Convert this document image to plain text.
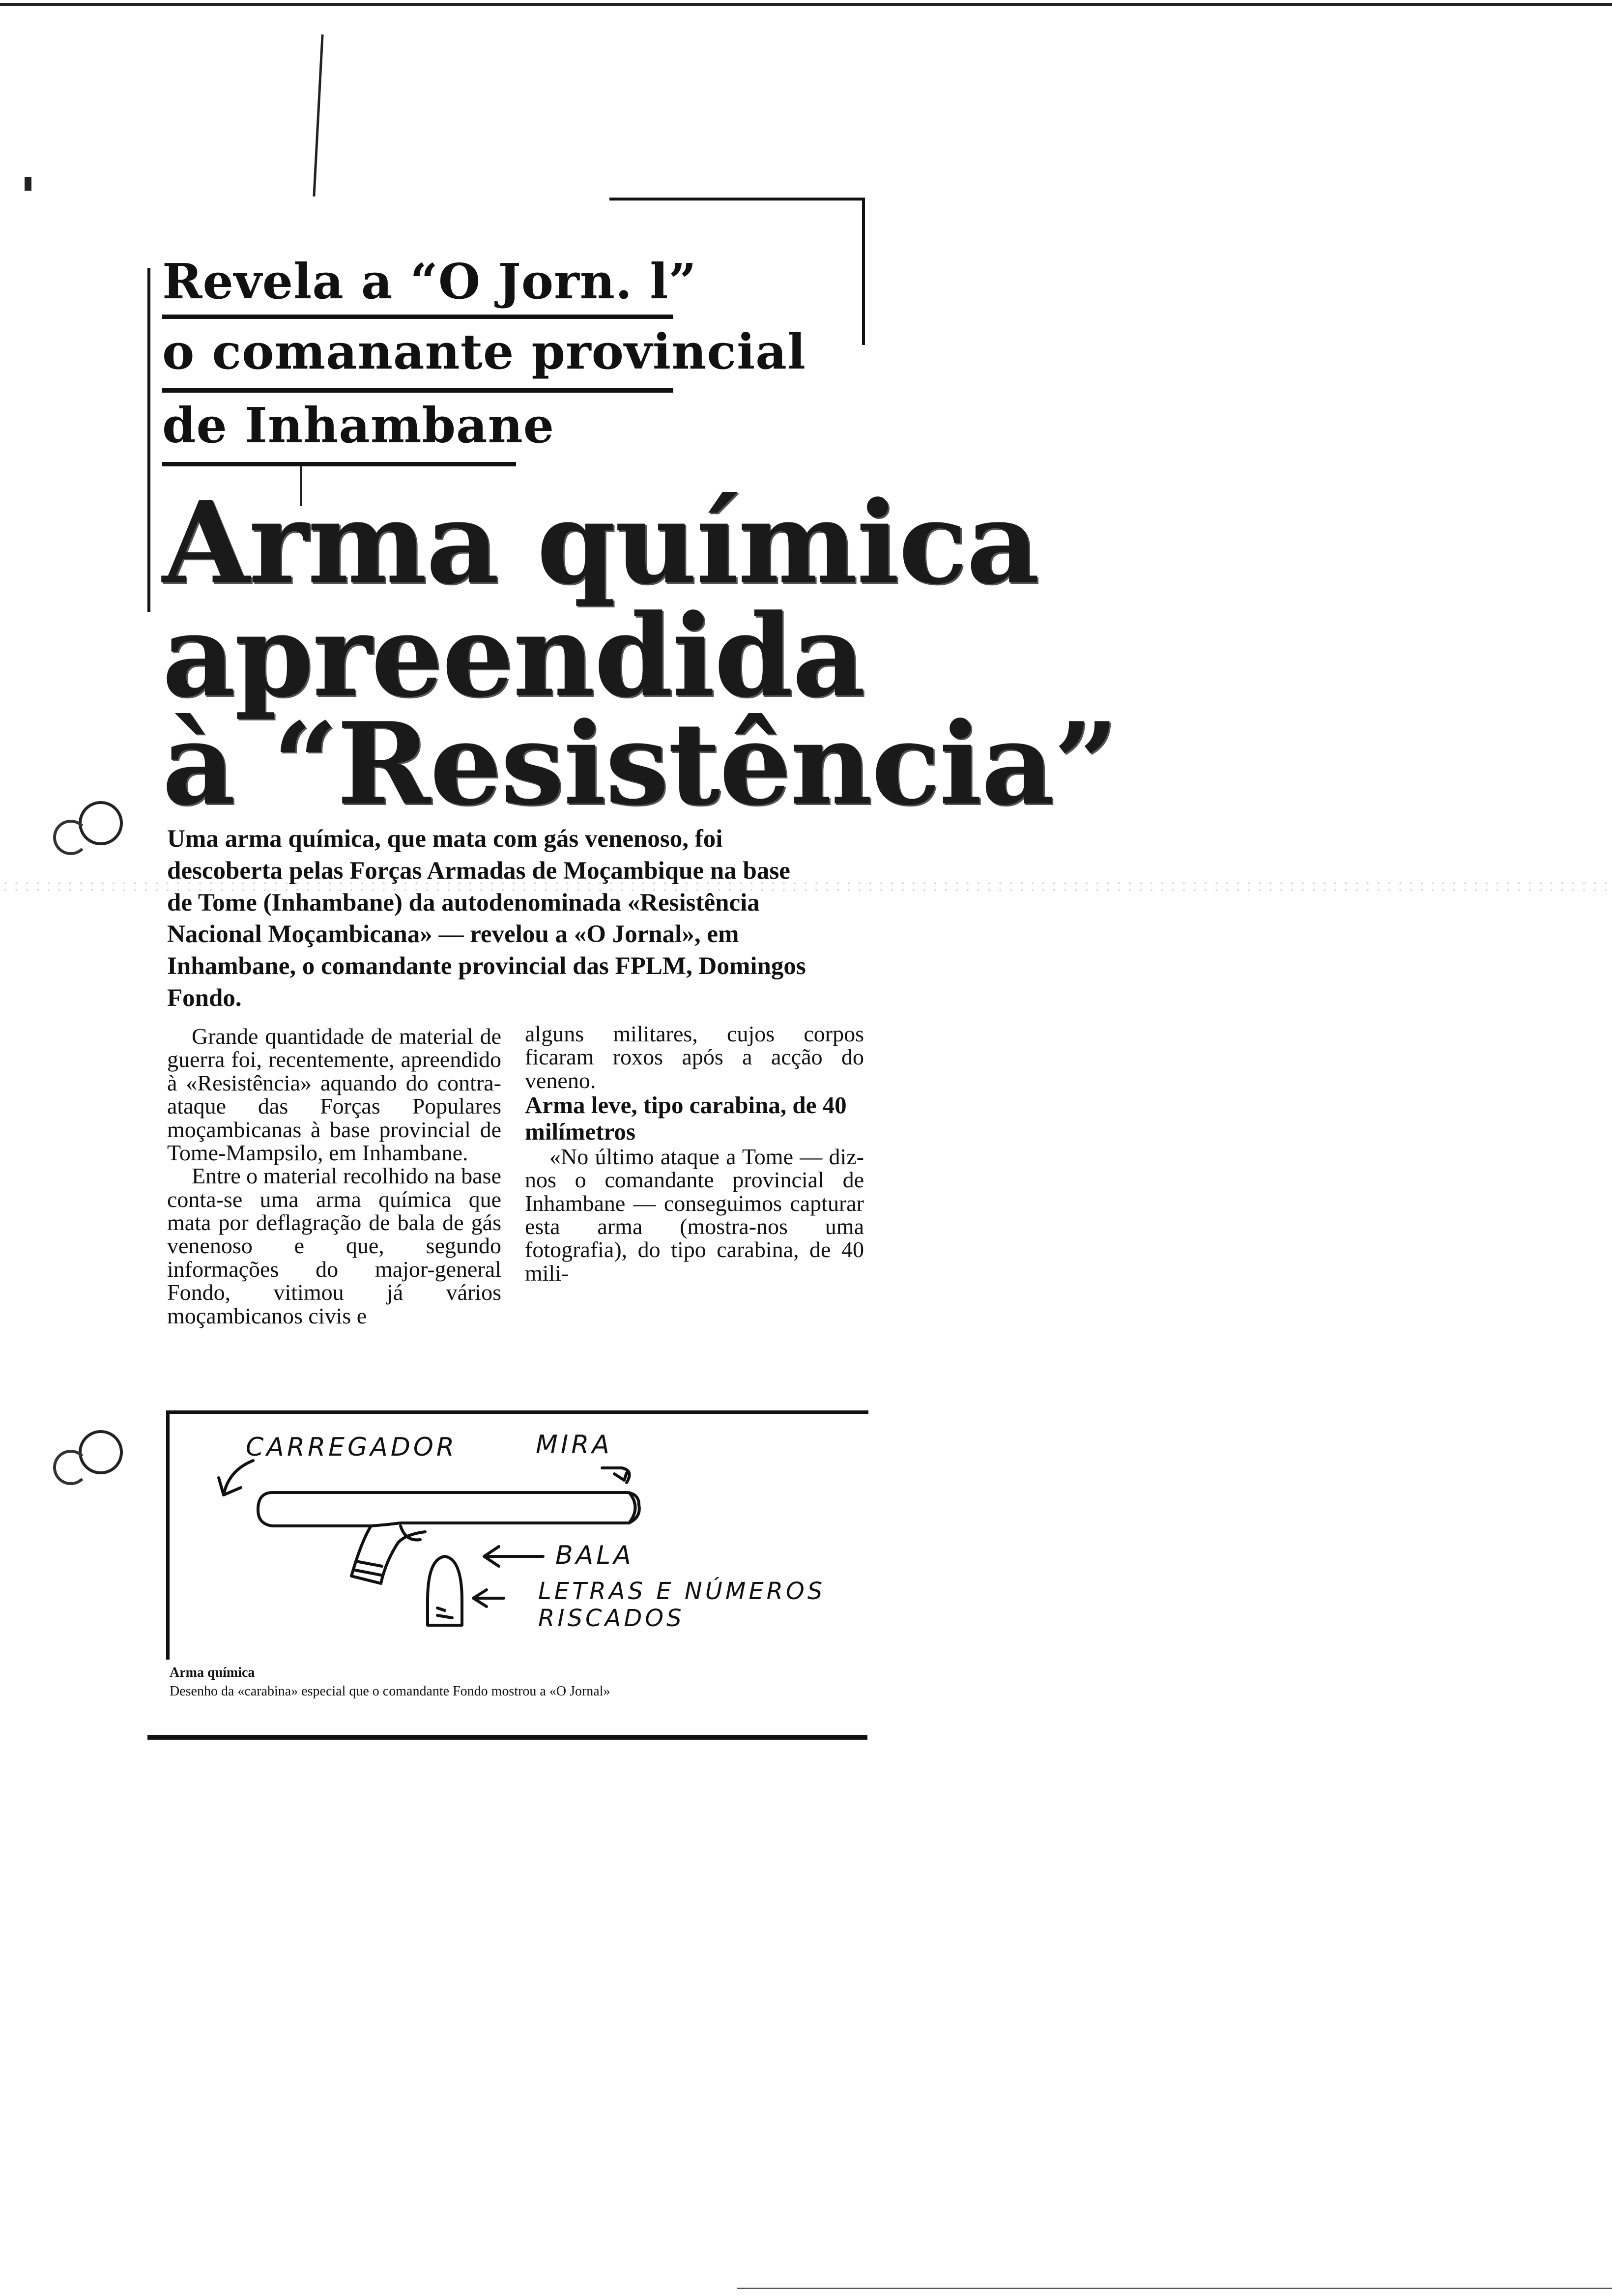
Revela a “O Jorn. l”
o comanante provincial
de Inhambane
Arma química
apreendida
à “Resistência”
Uma arma química, que mata com gás venenoso, foi descoberta pelas Forças Armadas de Moçambique na base de Tome (Inhambane) da autodenominada «Resistência Nacional Moçambicana» — revelou a «O Jornal», em Inhambane, o comandante provincial das FPLM, Domingos Fondo.

Grande quantidade de material de guerra foi, recentemente, apreendido à «Resistência» aquando do contra-ataque das Forças Populares moçambicanas à base provincial de Tome-Mampsilo, em Inhambane.

Entre o material recolhido na base conta-se uma arma química que mata por deflagração de bala de gás venenoso e que, segundo informações do major-general Fondo, vitimou já vários moçambicanos civis e

alguns militares, cujos corpos ficaram roxos após a acção do veneno.

Arma leve, tipo carabina, de 40 milímetros

«No último ataque a Tome — diz-nos o comandante provincial de Inhambane — conseguimos capturar esta arma (mostra-nos uma fotografia), do tipo carabina, de 40 mili-

CARREGADOR	MIRA
BALA
LETRAS E NÚMEROS
RISCADOS
Arma química
Desenho da «carabina» especial que o comandante Fondo mostrou a «O Jornal»
